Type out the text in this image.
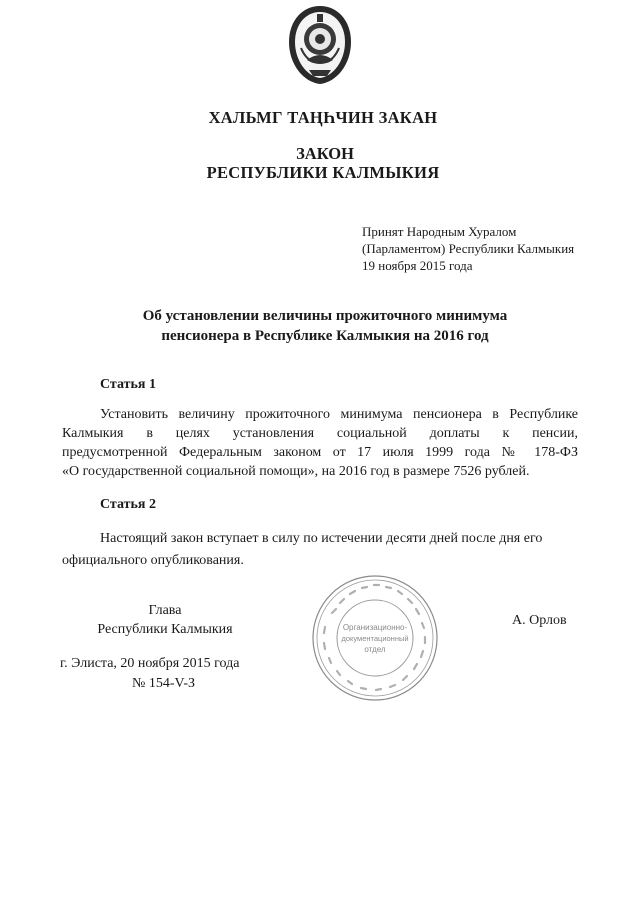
ХАЛЬМГ ТАҢҺЧИН ЗАКАН
ЗАКОН
РЕСПУБЛИКИ КАЛМЫКИЯ
Принят Народным Хуралом
(Парламентом) Республики Калмыкия
19 ноября 2015 года
Об установлении величины прожиточного минимума
пенсионера в Республике Калмыкия на 2016 год
Статья 1
Установить величину прожиточного минимума пенсионера в Республике
Калмыкия в целях установления социальной доплаты к пенсии,
предусмотренной Федеральным законом от 17 июля 1999 года № 178-ФЗ
«О государственной социальной помощи», на 2016 год в размере 7526 рублей.
Статья 2
Настоящий закон вступает в силу по истечении десяти дней после дня его
официального опубликования.
Глава
Республики Калмыкия	Организационно-
документационный
отдел
А. Орлов
г. Элиста, 20 ноября 2015 года
№ 154-V-З
